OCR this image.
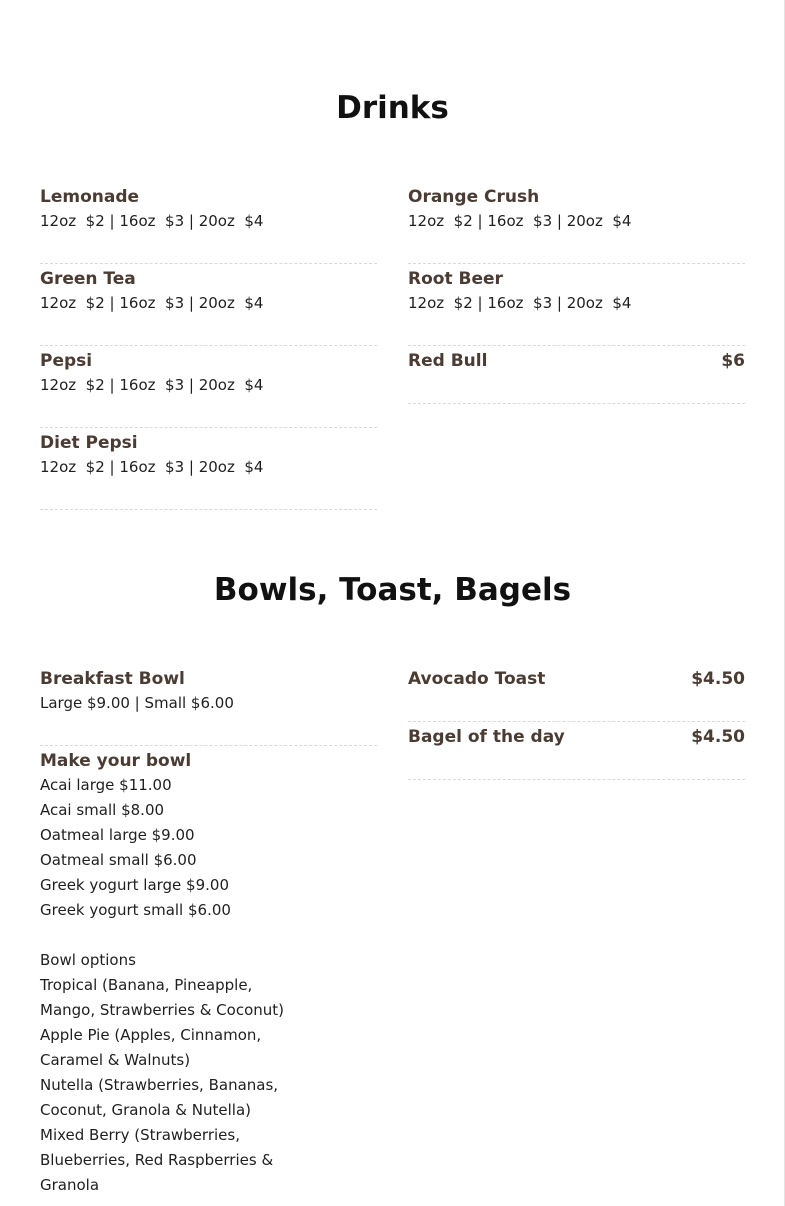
Drinks
Lemonade
12oz  $2 | 16oz  $3 | 20oz  $4
Green Tea
12oz  $2 | 16oz  $3 | 20oz  $4
Pepsi
12oz  $2 | 16oz  $3 | 20oz  $4
Diet Pepsi
12oz  $2 | 16oz  $3 | 20oz  $4
Orange Crush
12oz  $2 | 16oz  $3 | 20oz  $4
Root Beer
12oz  $2 | 16oz  $3 | 20oz  $4
Red Bull	$6
Bowls, Toast, Bagels
Breakfast Bowl
Large $9.00 | Small $6.00
Make your bowl
Acai large $11.00
Acai small $8.00
Oatmeal large $9.00
Oatmeal small $6.00
Greek yogurt large $9.00
Greek yogurt small $6.00
Bowl options
Tropical (Banana, Pineapple,
Mango, Strawberries & Coconut)
Apple Pie (Apples, Cinnamon,
Caramel & Walnuts)
Nutella (Strawberries, Bananas,
Coconut, Granola & Nutella)
Mixed Berry (Strawberries,
Blueberries, Red Raspberries &
Granola
Avocado Toast	$4.50
Bagel of the day	$4.50
